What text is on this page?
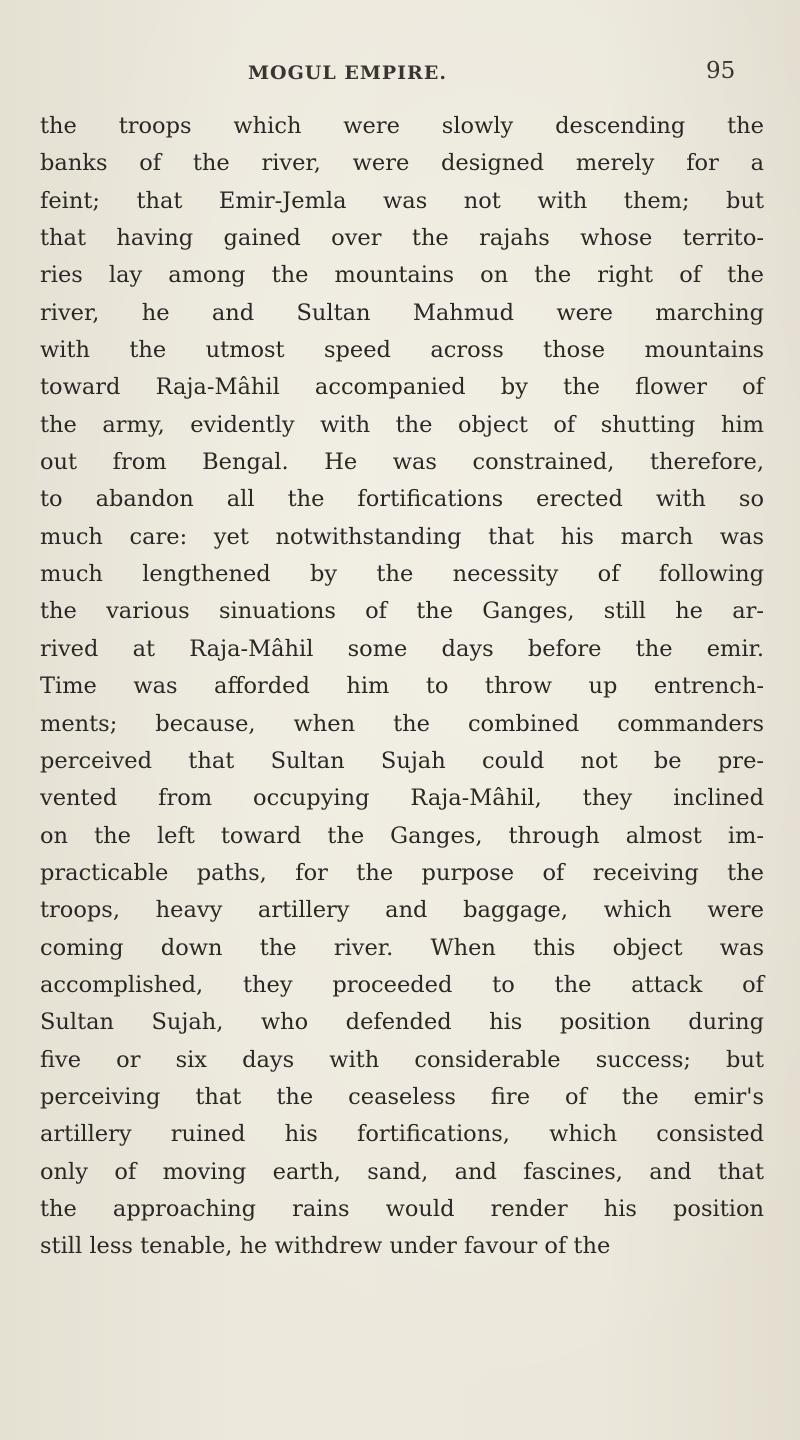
MOGUL EMPIRE.	95
the troops which were slowly descending the
banks of the river, were designed merely for a
feint; that Emir-Jemla was not with them; but
that having gained over the rajahs whose territo-
ries lay among the mountains on the right of the
river, he and Sultan Mahmud were marching
with the utmost speed across those mountains
toward Raja-Mâhil accompanied by the flower of
the army, evidently with the object of shutting him
out from Bengal. He was constrained, therefore,
to abandon all the fortifications erected with so
much care: yet notwithstanding that his march was
much lengthened by the necessity of following
the various sinuations of the Ganges, still he ar-
rived at Raja-Mâhil some days before the emir.
Time was afforded him to throw up entrench-
ments; because, when the combined commanders
perceived that Sultan Sujah could not be pre-
vented from occupying Raja-Mâhil, they inclined
on the left toward the Ganges, through almost im-
practicable paths, for the purpose of receiving the
troops, heavy artillery and baggage, which were
coming down the river. When this object was
accomplished, they proceeded to the attack of
Sultan Sujah, who defended his position during
five or six days with considerable success; but
perceiving that the ceaseless fire of the emir's
artillery ruined his fortifications, which consisted
only of moving earth, sand, and fascines, and that
the approaching rains would render his position
still less tenable, he withdrew under favour of the
